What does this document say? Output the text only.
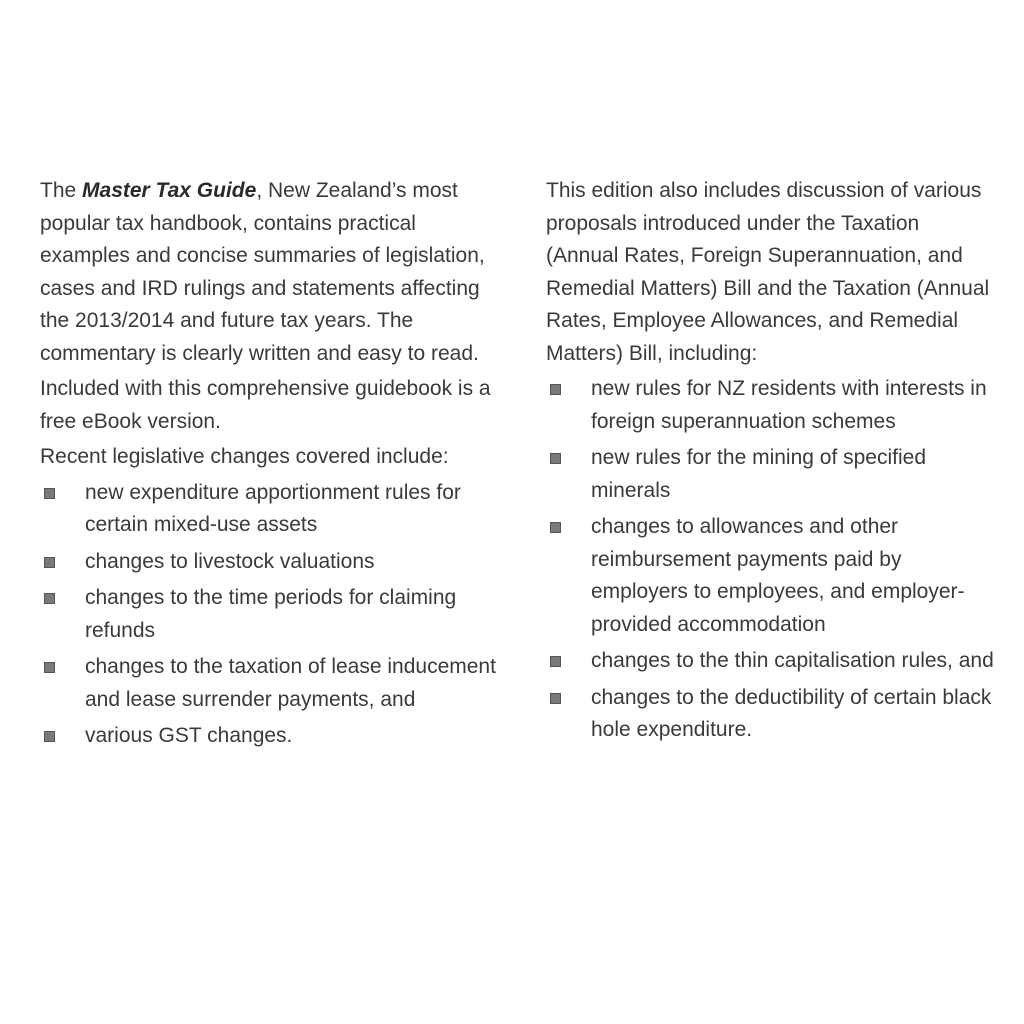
The Master Tax Guide, New Zealand’s most popular tax handbook, contains practical examples and concise summaries of legislation, cases and IRD rulings and statements affecting the 2013/2014 and future tax years. The commentary is clearly written and easy to read.

Included with this comprehensive guidebook is a free eBook version.

Recent legislative changes covered include:

new expenditure apportionment rules for certain mixed-use assets
changes to livestock valuations
changes to the time periods for claiming refunds
changes to the taxation of lease inducement and lease surrender payments, and
various GST changes.

This edition also includes discussion of various proposals introduced under the Taxation (Annual Rates, Foreign Superannuation, and Remedial Matters) Bill and the Taxation (Annual Rates, Employee Allowances, and Remedial Matters) Bill, including:

new rules for NZ residents with interests in foreign superannuation schemes
new rules for the mining of specified minerals
changes to allowances and other reimbursement payments paid by employers to employees, and employer-provided accommodation
changes to the thin capitalisation rules, and
changes to the deductibility of certain black hole expenditure.
